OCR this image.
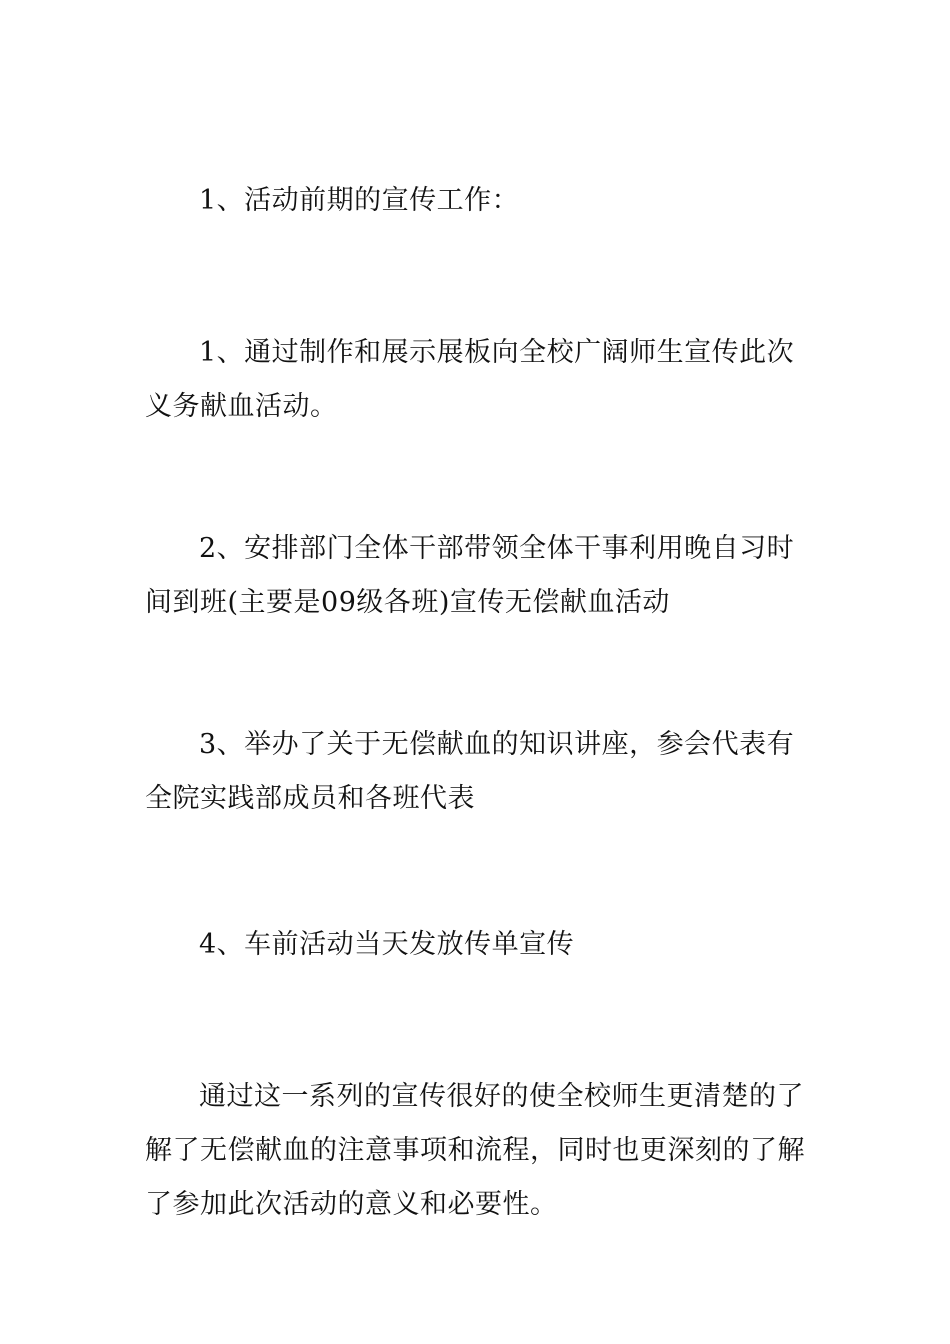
1、活动前期的宣传工作：

1、通过制作和展示展板向全校广阔师生宣传此次义务献血活动。

2、安排部门全体干部带领全体干事利用晚自习时间到班(主要是09级各班)宣传无偿献血活动

3、举办了关于无偿献血的知识讲座，参会代表有全院实践部成员和各班代表

4、车前活动当天发放传单宣传

通过这一系列的宣传很好的使全校师生更清楚的了解了无偿献血的注意事项和流程，同时也更深刻的了解了参加此次活动的意义和必要性。
